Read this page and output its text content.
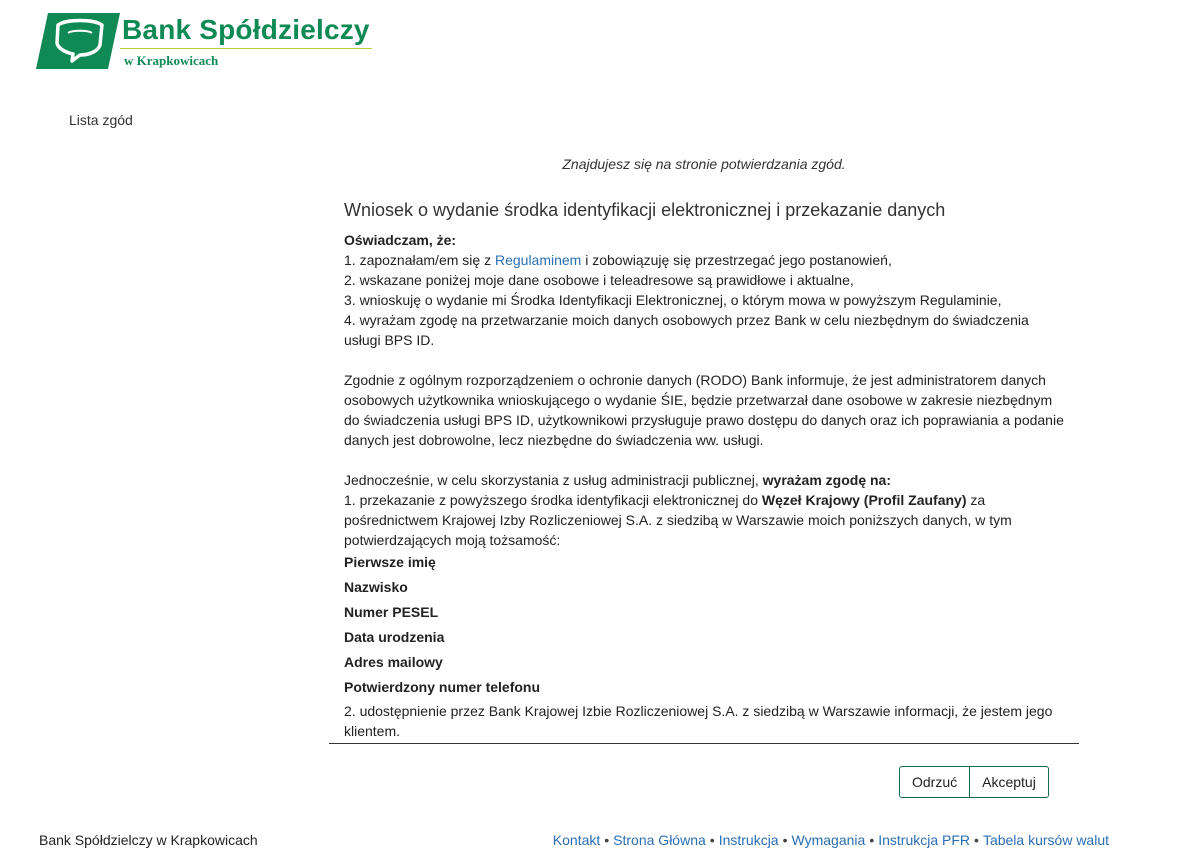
Bank Spółdzielczy
w Krapkowicach
Lista zgód
Znajdujesz się na stronie potwierdzania zgód.
Wniosek o wydanie środka identyfikacji elektronicznej i przekazanie danych
Oświadczam, że:
1. zapoznałam/em się z Regulaminem i zobowiązuję się przestrzegać jego postanowień,
2. wskazane poniżej moje dane osobowe i teleadresowe są prawidłowe i aktualne,
3. wnioskuję o wydanie mi Środka Identyfikacji Elektronicznej, o którym mowa w powyższym Regulaminie,
4. wyrażam zgodę na przetwarzanie moich danych osobowych przez Bank w celu niezbędnym do świadczenia usługi BPS ID.
Zgodnie z ogólnym rozporządzeniem o ochronie danych (RODO) Bank informuje, że jest administratorem danych osobowych użytkownika wnioskującego o wydanie ŚIE, będzie przetwarzał dane osobowe w zakresie niezbędnym do świadczenia usługi BPS ID, użytkownikowi przysługuje prawo dostępu do danych oraz ich poprawiania a podanie danych jest dobrowolne, lecz niezbędne do świadczenia ww. usługi.
Jednocześnie, w celu skorzystania z usług administracji publicznej, wyrażam zgodę na:
1. przekazanie z powyższego środka identyfikacji elektronicznej do Węzeł Krajowy (Profil Zaufany) za pośrednictwem Krajowej Izby Rozliczeniowej S.A. z siedzibą w Warszawie moich poniższych danych, w tym potwierdzających moją tożsamość:
Pierwsze imię
Nazwisko
Numer PESEL
Data urodzenia
Adres mailowy
Potwierdzony numer telefonu
2. udostępnienie przez Bank Krajowej Izbie Rozliczeniowej S.A. z siedzibą w Warszawie informacji, że jestem jego klientem.
Odrzuć	Akceptuj
Bank Spółdzielczy w Krapkowicach	Kontakt • Strona Główna • Instrukcja • Wymagania • Instrukcja PFR • Tabela kursów walut
